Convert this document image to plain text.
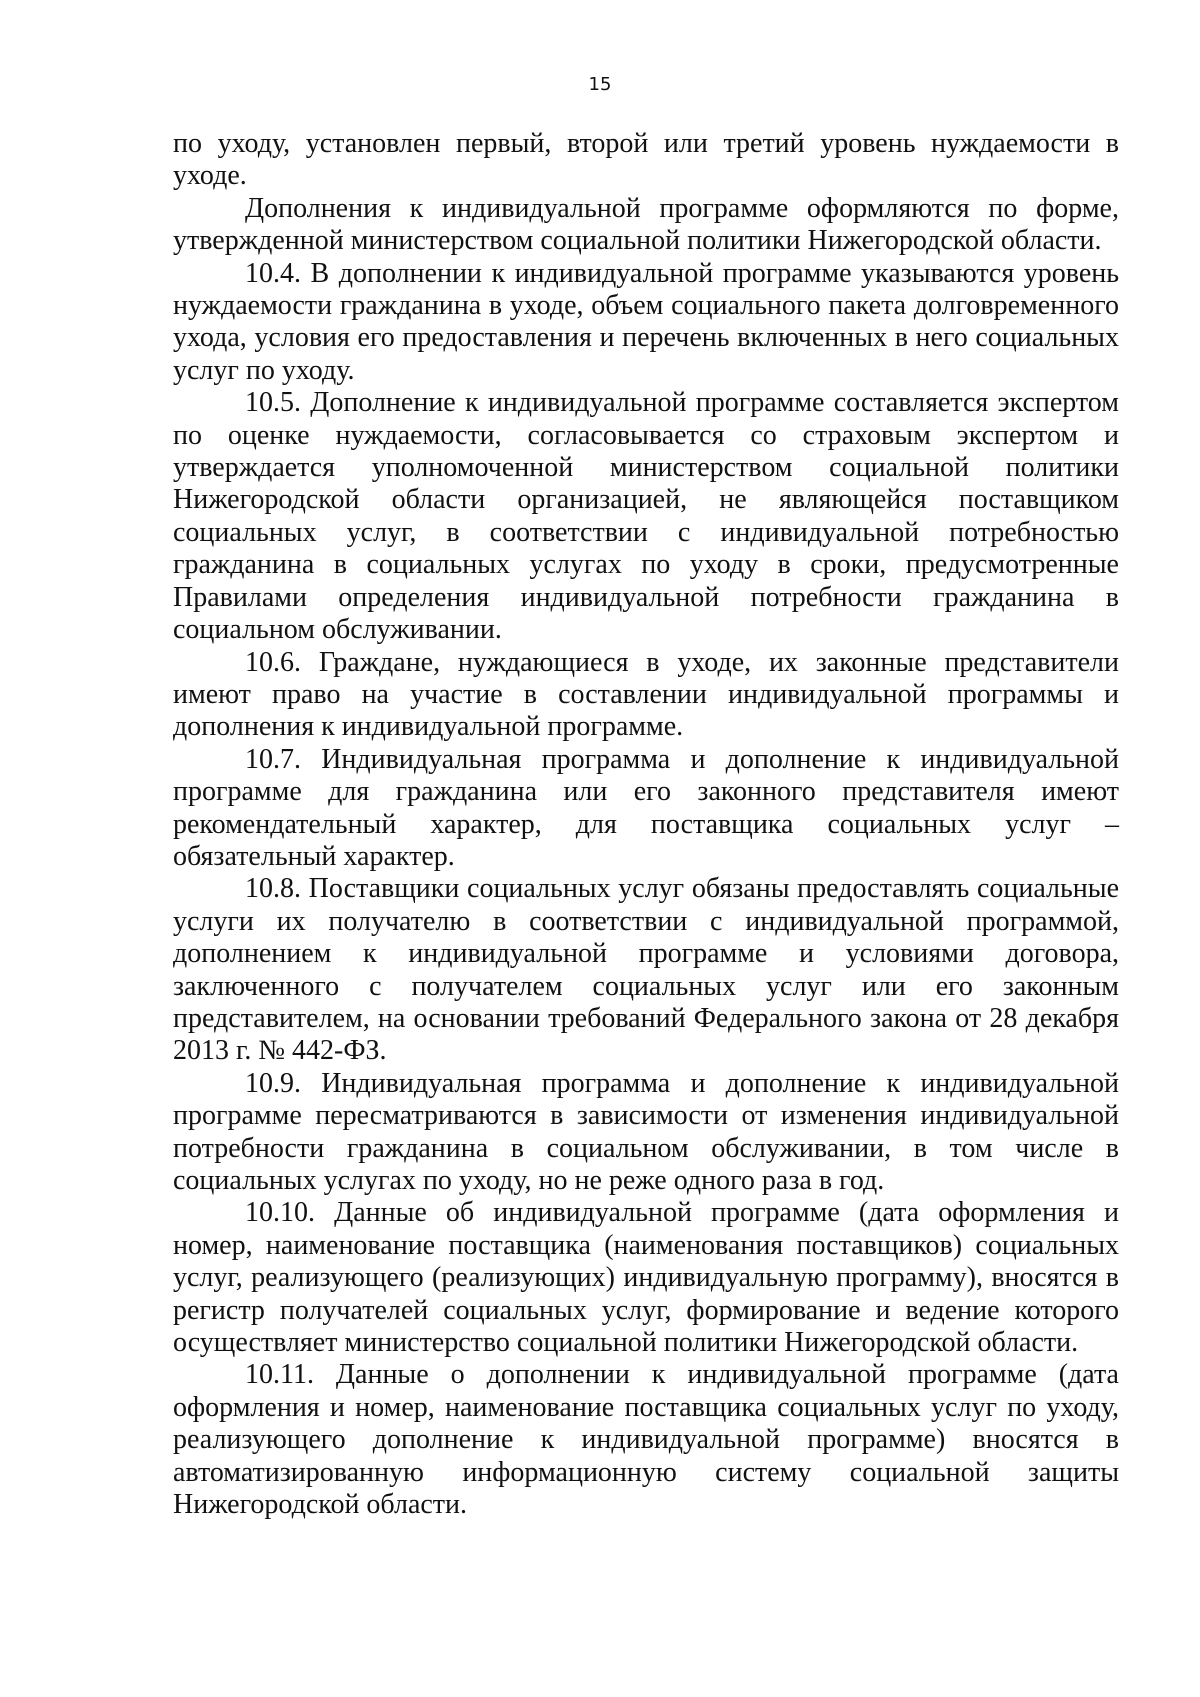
15

по уходу, установлен первый, второй или третий уровень нуждаемости в уходе.

Дополнения к индивидуальной программе оформляются по форме, утвержденной министерством социальной политики Нижегородской области.

10.4. В дополнении к индивидуальной программе указываются уровень нуждаемости гражданина в уходе, объем социального пакета долговременного ухода, условия его предоставления и перечень включенных в него социальных услуг по уходу.

10.5. Дополнение к индивидуальной программе составляется экспертом по оценке нуждаемости, согласовывается со страховым экспертом и утверждается уполномоченной министерством социальной политики Нижегородской области организацией, не являющейся поставщиком социальных услуг, в соответствии с индивидуальной потребностью гражданина в социальных услугах по уходу в сроки, предусмотренные Правилами определения индивидуальной потребности гражданина в социальном обслуживании.

10.6. Граждане, нуждающиеся в уходе, их законные представители имеют право на участие в составлении индивидуальной программы и дополнения к индивидуальной программе.

10.7. Индивидуальная программа и дополнение к индивидуальной программе для гражданина или его законного представителя имеют рекомендательный характер, для поставщика социальных услуг – обязательный характер.

10.8. Поставщики социальных услуг обязаны предоставлять социальные услуги их получателю в соответствии с индивидуальной программой, дополнением к индивидуальной программе и условиями договора, заключенного с получателем социальных услуг или его законным представителем, на основании требований Федерального закона от 28 декабря 2013 г. № 442-ФЗ.

10.9. Индивидуальная программа и дополнение к индивидуальной программе пересматриваются в зависимости от изменения индивидуальной потребности гражданина в социальном обслуживании, в том числе в социальных услугах по уходу, но не реже одного раза в год.

10.10. Данные об индивидуальной программе (дата оформления и номер, наименование поставщика (наименования поставщиков) социальных услуг, реализующего (реализующих) индивидуальную программу), вносятся в регистр получателей социальных услуг, формирование и ведение которого осуществляет министерство социальной политики Нижегородской области.

10.11. Данные о дополнении к индивидуальной программе (дата оформления и номер, наименование поставщика социальных услуг по уходу, реализующего дополнение к индивидуальной программе) вносятся в автоматизированную информационную систему социальной защиты Нижегородской области.
